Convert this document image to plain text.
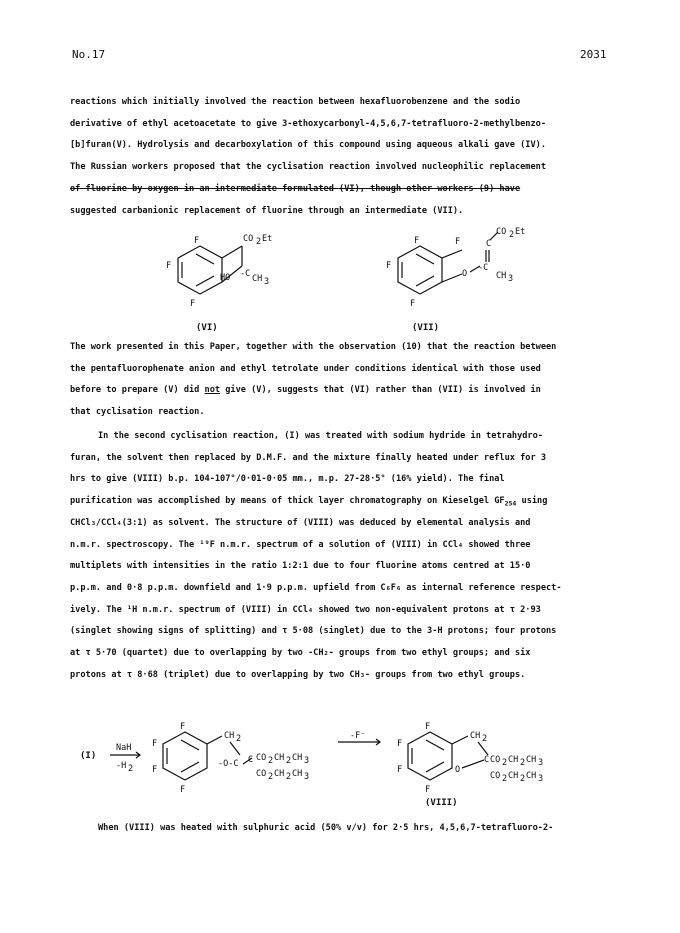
No.17	2031

reactions which initially involved the reaction between hexafluorobenzene and the sodio

derivative of ethyl acetoacetate to give 3-ethoxycarbonyl-4,5,6,7-tetrafluoro-2-methylbenzo-

[b]furan(V). Hydrolysis and decarboxylation of this compound using aqueous alkali gave (IV).

The Russian workers proposed that the cyclisation reaction involved nucleophilic replacement

of fluorine by oxygen in an intermediate formulated (VI), though other workers (9) have

suggested carbanionic replacement of fluorine through an intermediate (VII).

F
F
F
CO 2 Et
HO -C CH 3
(VI)
F
F
F
F
O
-C
C
CO 2 Et
CH 3
(VII)

The work presented in this Paper, together with the observation (10) that the reaction between

the pentafluorophenate anion and ethyl tetrolate under conditions identical with those used

before to prepare (V) did not give (V), suggests that (VI) rather than (VII) is involved in

that cyclisation reaction.

In the second cyclisation reaction, (I) was treated with sodium hydride in tetrahydro-

furan, the solvent then replaced by D.M.F. and the mixture finally heated under reflux for 3

hrs to give (VIII) b.p. 104-107°/0·01-0·05 mm., m.p. 27-28·5° (16% yield). The final

purification was accomplished by means of thick layer chromatography on Kieselgel $GF_{254}$ using

CHCl₃/CCl₄(3:1) as solvent. The structure of (VIII) was deduced by elemental analysis and

n.m.r. spectroscopy. The ¹⁹F n.m.r. spectrum of a solution of (VIII) in CCl₄ showed three

multiplets with intensities in the ratio 1:2:1 due to four fluorine atoms centred at 15·0

p.p.m. and 0·8 p.p.m. downfield and 1·9 p.p.m. upfield from C₆F₆ as internal reference respect-

ively. The ¹H n.m.r. spectrum of (VIII) in CCl₄ showed two non-equivalent protons at τ 2·93

(singlet showing signs of splitting) and τ 5·08 (singlet) due to the 3-H protons; four protons

at τ 5·70 (quartet) due to overlapping by two -CH₂- groups from two ethyl groups; and six

protons at τ 8·68 (triplet) due to overlapping by two CH₃- groups from two ethyl groups.

(I)
NaH
-H 2
F
F
F
F
CH 2
-O-C C CO 2 CH 2 CH 3
CO 2 CH 2 CH 3
-F⁻
F
F
F
F
CH 2
O
C CO 2 CH 2 CH 3
CO 2 CH 2 CH 3
(VIII)

When (VIII) was heated with sulphuric acid (50% v/v) for 2·5 hrs, 4,5,6,7-tetrafluoro-2-
